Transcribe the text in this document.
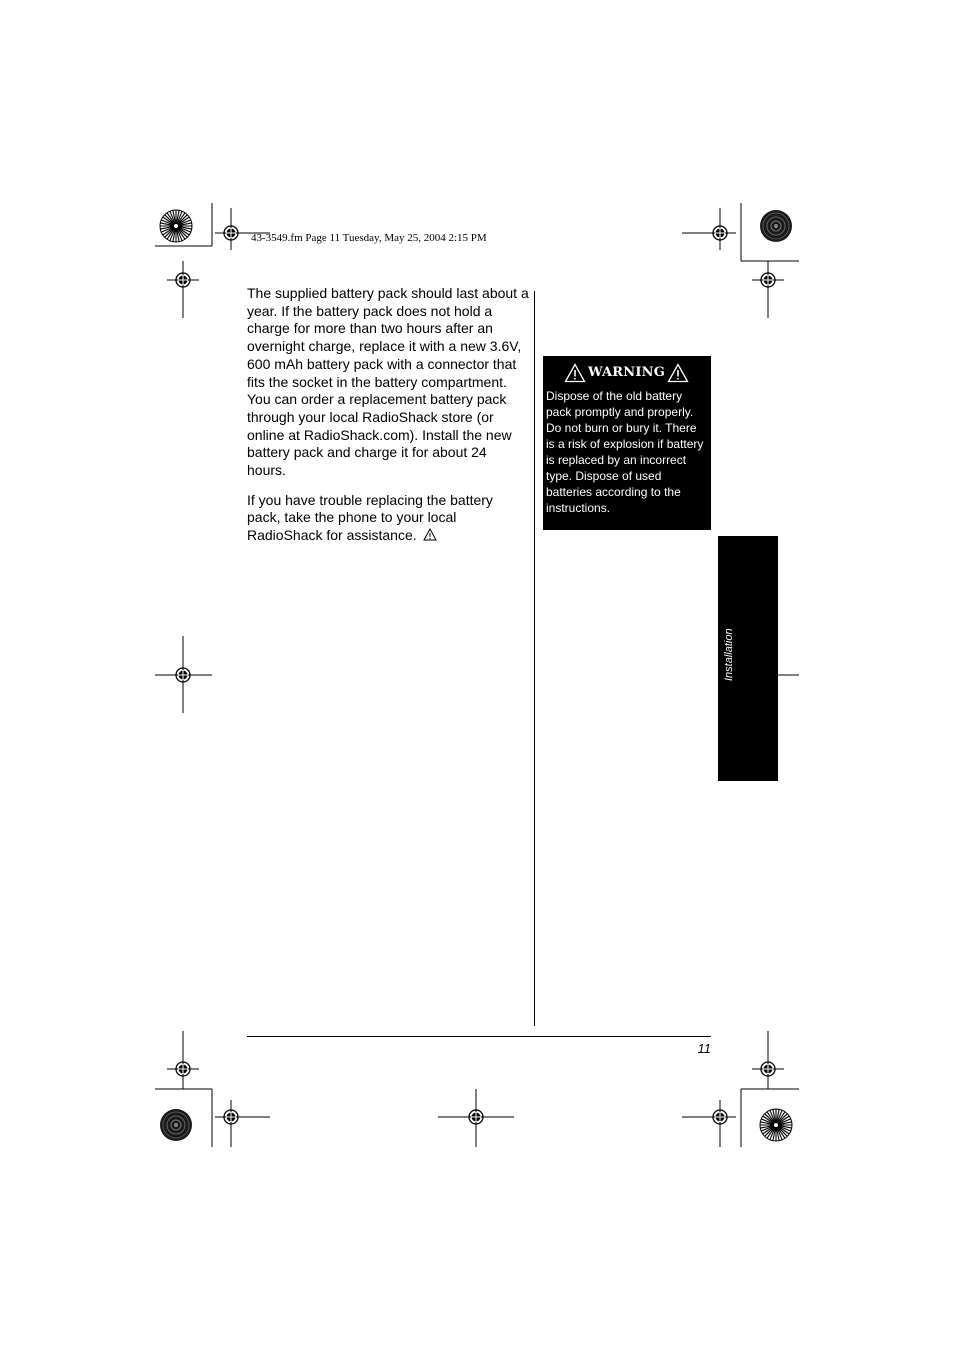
43-3549.fm Page 11 Tuesday, May 25, 2004 2:15 PM

The supplied battery pack should last about a year. If the battery pack does not hold a charge for more than two hours after an overnight charge, replace it with a new 3.6V, 600 mAh battery pack with a connector that fits the socket in the battery compartment. You can order a replacement battery pack through your local RadioShack store (or online at RadioShack.com). Install the new battery pack and charge it for about 24 hours.

If you have trouble replacing the battery pack, take the phone to your local RadioShack for assistance.

WARNING
Dispose of the old battery pack promptly and properly. Do not burn or bury it. There is a risk of explosion if battery is replaced by an incorrect type. Dispose of used batteries according to the instructions.
Installation
11
